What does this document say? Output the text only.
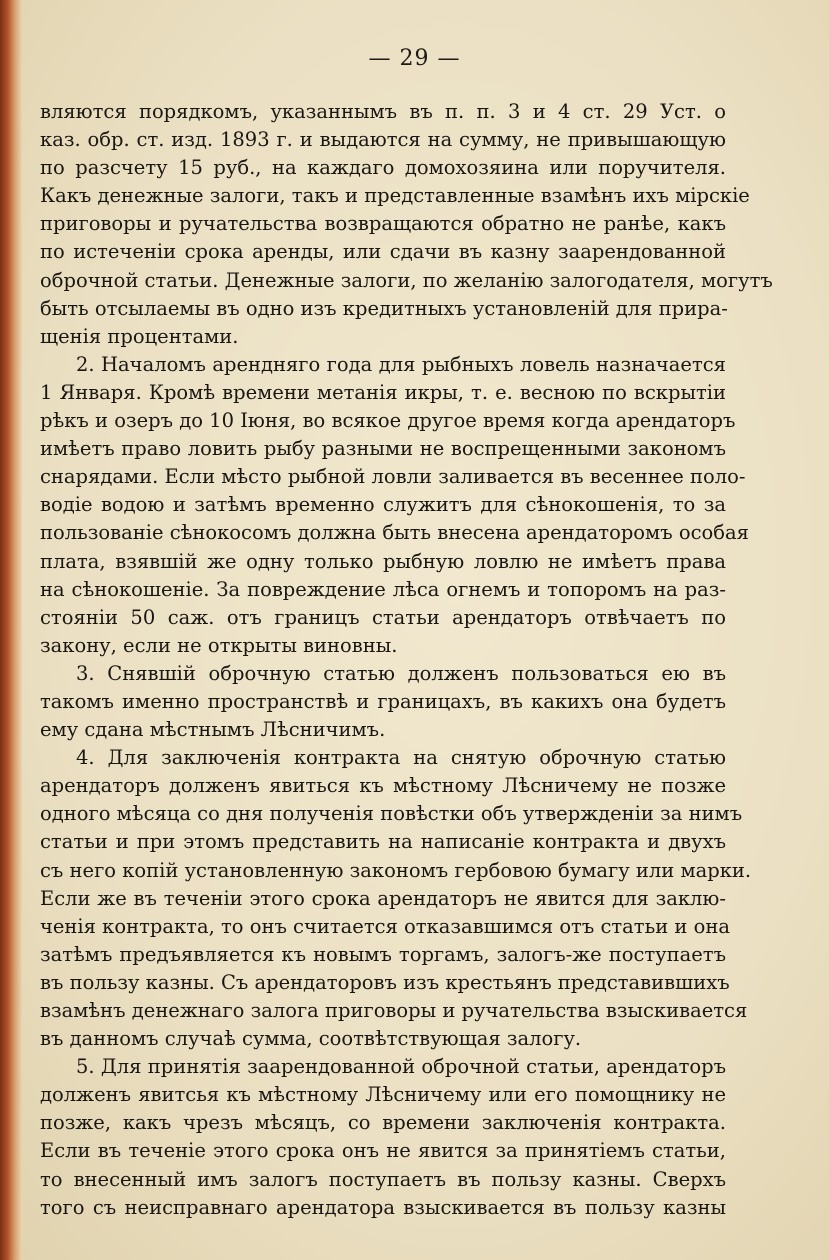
— 29 —
вляются порядкомъ, указаннымъ въ п. п. 3 и 4 ст. 29 Уст. о
каз. обр. ст. изд. 1893 г. и выдаются на сумму, не привышающую
по разсчету 15 руб., на каждаго домохозяина или поручителя.
Какъ денежные залоги, такъ и представленные взамѣнъ ихъ мірскіе
приговоры и ручательства возвращаются обратно не ранѣе, какъ
по истеченіи срока аренды, или сдачи въ казну заарендованной
оброчной статьи. Денежные залоги, по желанію залогодателя, могутъ
быть отсылаемы въ одно изъ кредитныхъ установленій для прира-
щенія процентами.
2. Началомъ арендняго года для рыбныхъ ловель назначается
1 Января. Кромѣ времени метанія икры, т. е. весною по вскрытіи
рѣкъ и озеръ до 10 Іюня, во всякое другое время когда арендаторъ
имѣетъ право ловить рыбу разными не воспрещенными закономъ
снарядами. Если мѣсто рыбной ловли заливается въ весеннее поло-
водіе водою и затѣмъ временно служитъ для сѣнокошенія, то за
пользованіе сѣнокосомъ должна быть внесена арендаторомъ особая
плата, взявшій же одну только рыбную ловлю не имѣетъ права
на сѣнокошеніе. За повреждение лѣса огнемъ и топоромъ на раз-
стояніи 50 саж. отъ границъ статьи арендаторъ отвѣчаетъ по
закону, если не открыты виновны.
3. Снявшій оброчную статью долженъ пользоваться ею въ
такомъ именно пространствѣ и границахъ, въ какихъ она будетъ
ему сдана мѣстнымъ Лѣсничимъ.
4. Для заключенія контракта на снятую оброчную статью
арендаторъ долженъ явиться къ мѣстному Лѣсничему не позже
одного мѣсяца со дня полученія повѣстки объ утвержденіи за нимъ
статьи и при этомъ представить на написаніе контракта и двухъ
съ него копій установленную закономъ гербовою бумагу или марки.
Если же въ теченіи этого срока арендаторъ не явится для заклю-
ченія контракта, то онъ считается отказавшимся отъ статьи и она
затѣмъ предъявляется къ новымъ торгамъ, залогъ-же поступаетъ
въ пользу казны. Съ арендаторовъ изъ крестьянъ представившихъ
взамѣнъ денежнаго залога приговоры и ручательства взыскивается
въ данномъ случаѣ сумма, соотвѣтствующая залогу.
5. Для принятія заарендованной оброчной статьи, арендаторъ
долженъ явитсья къ мѣстному Лѣсничему или его помощнику не
позже, какъ чрезъ мѣсяцъ, со времени заключенія контракта.
Если въ теченіе этого срока онъ не явится за принятіемъ статьи,
то внесенный имъ залогъ поступаетъ въ пользу казны. Сверхъ
того съ неисправнаго арендатора взыскивается въ пользу казны
